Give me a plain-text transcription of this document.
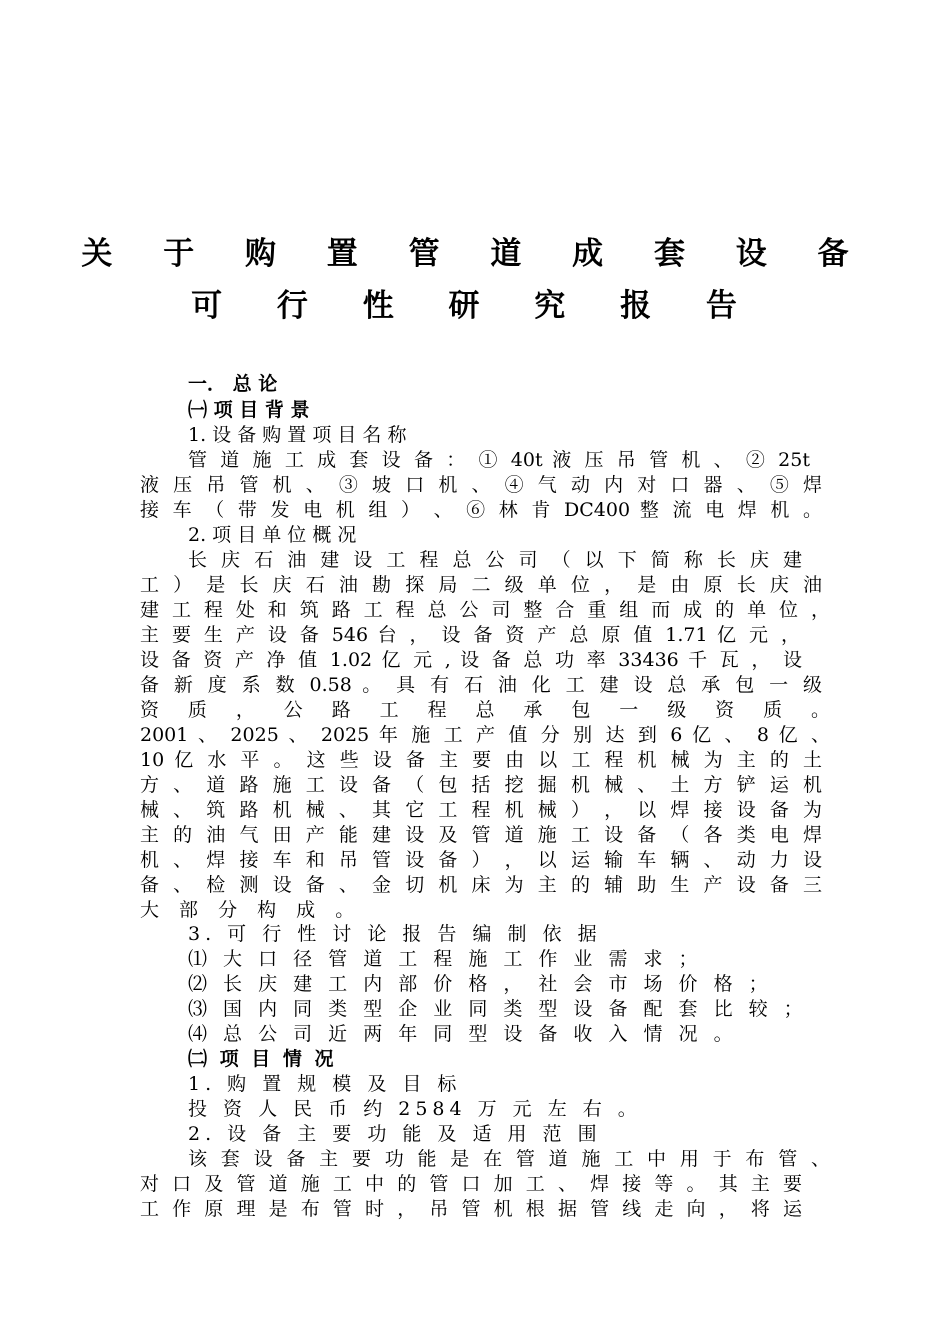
关 于 购 置 管 道 成 套 设 备
可 行 性 研 究 报 告
一． 总 论
㈠ 项 目 背 景
1. 设 备 购 置 项 目 名 称
管 道 施 工 成 套 设 备 ： ① 40t 液 压 吊 管 机 、 ② 25t
液 压 吊 管 机 、 ③ 坡 口 机 、 ④ 气 动 内 对 口 器 、 ⑤ 焊
接 车 （ 带 发 电 机 组 ） 、 ⑥ 林 肯 DC400 整 流 电 焊 机 。
2. 项 目 单 位 概 况
长 庆 石 油 建 设 工 程 总 公 司 （ 以 下 简 称 长 庆 建
工 ） 是 长 庆 石 油 勘 探 局 二 级 单 位 ， 是 由 原 长 庆 油
建 工 程 处 和 筑 路 工 程 总 公 司 整 合 重 组 而 成 的 单 位 ，
主 要 生 产 设 备 546 台 ， 设 备 资 产 总 原 值 1.71 亿 元 ，
设 备 资 产 净 值 1.02 亿 元 , 设 备 总 功 率 33436 千 瓦 ， 设
备 新 度 系 数 0.58 。 具 有 石 油 化 工 建 设 总 承 包 一 级
资 质 ， 公 路 工 程 总 承 包 一 级 资 质 。
2001 、 2025 、 2025 年 施 工 产 值 分 别 达 到 6 亿 、 8 亿 、
10 亿 水 平 。 这 些 设 备 主 要 由 以 工 程 机 械 为 主 的 土
方 、 道 路 施 工 设 备 （ 包 括 挖 掘 机 械 、 土 方 铲 运 机
械 、 筑 路 机 械 、 其 它 工 程 机 械 ） ， 以 焊 接 设 备 为
主 的 油 气 田 产 能 建 设 及 管 道 施 工 设 备 （ 各 类 电 焊
机 、 焊 接 车 和 吊 管 设 备 ） ， 以 运 输 车 辆 、 动 力 设
备 、 检 测 设 备 、 金 切 机 床 为 主 的 辅 助 生 产 设 备 三
大 部 分 构 成 。
3. 可 行 性 讨 论 报 告 编 制 依 据
⑴ 大 口 径 管 道 工 程 施 工 作 业 需 求 ；
⑵ 长 庆 建 工 内 部 价 格 ， 社 会 市 场 价 格 ；
⑶ 国 内 同 类 型 企 业 同 类 型 设 备 配 套 比 较 ；
⑷ 总 公 司 近 两 年 同 型 设 备 收 入 情 况 。
㈡ 项 目 情 况
1. 购 置 规 模 及 目 标
投 资 人 民 币 约 2584 万 元 左 右 。
2. 设 备 主 要 功 能 及 适 用 范 围
该 套 设 备 主 要 功 能 是 在 管 道 施 工 中 用 于 布 管 、
对 口 及 管 道 施 工 中 的 管 口 加 工 、 焊 接 等 。 其 主 要
工 作 原 理 是 布 管 时 ， 吊 管 机 根 据 管 线 走 向 ， 将 运
